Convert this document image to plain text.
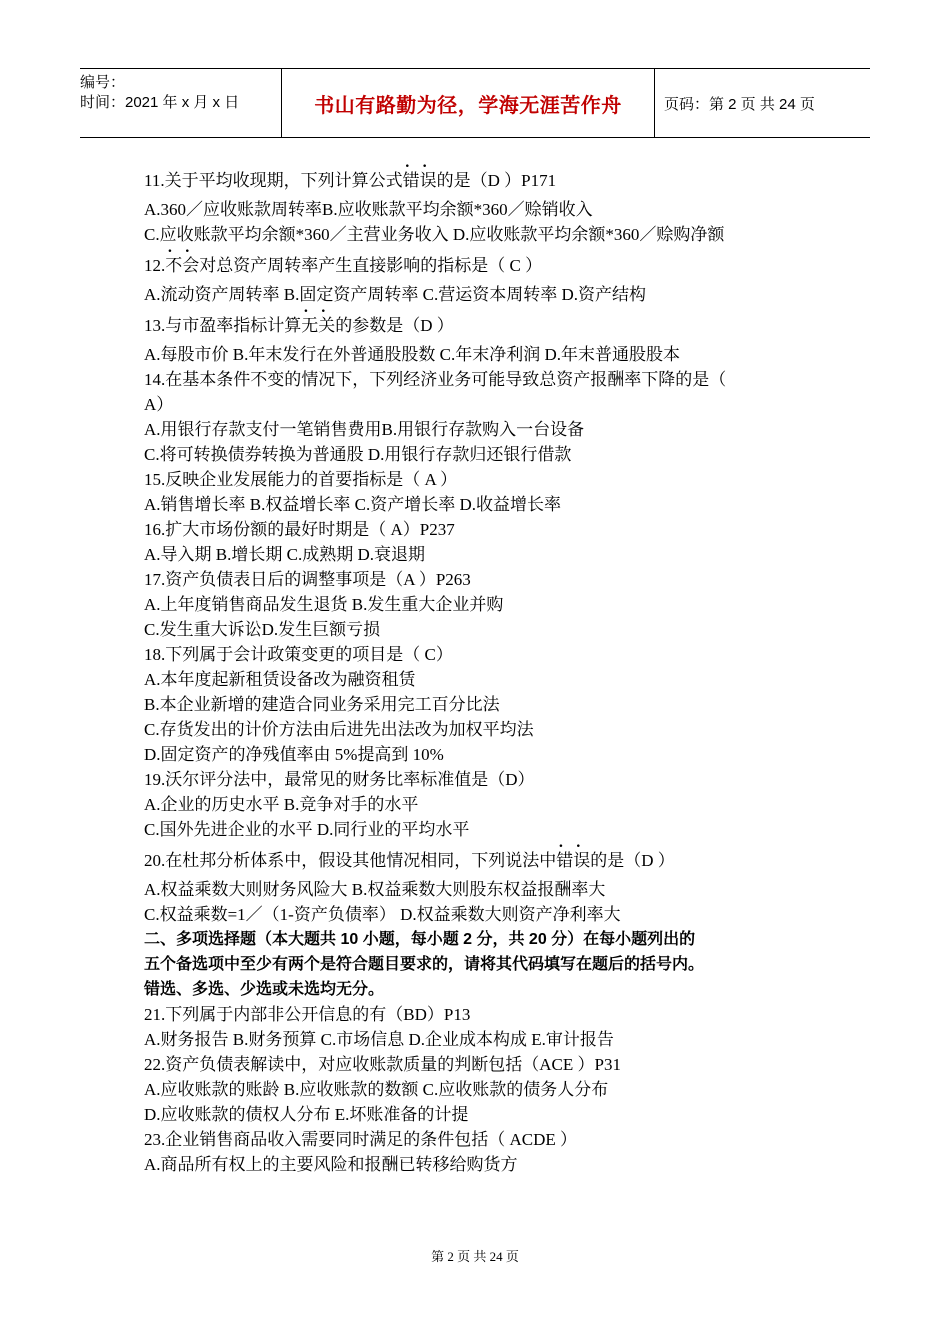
编号：
时间：2021 年 x 月 x 日	书山有路勤为径，学海无涯苦作舟	页码：第 2 页 共 24 页
11.关于平均收现期，下列计算公式· · 错误的是（D ）P171
A.360／应收账款周转率B.应收账款平均余额*360／赊销收入
C.应收账款平均余额*360／主营业务收入 D.应收账款平均余额*360／赊购净额
12.· · 不会对总资产周转率产生直接影响的指标是（ C ）
A.流动资产周转率 B.固定资产周转率 C.营运资本周转率 D.资产结构
13.与市盈率指标计算· · 无关的参数是（D ）
A.每股市价 B.年末发行在外普通股股数 C.年末净利润 D.年末普通股股本
14.在基本条件不变的情况下，下列经济业务可能导致总资产报酬率下降的是（
A）
A.用银行存款支付一笔销售费用B.用银行存款购入一台设备
C.将可转换债券转换为普通股 D.用银行存款归还银行借款
15.反映企业发展能力的首要指标是（ A ）
A.销售增长率 B.权益增长率 C.资产增长率 D.收益增长率
16.扩大市场份额的最好时期是（ A）P237
A.导入期 B.增长期 C.成熟期 D.衰退期
17.资产负债表日后的调整事项是（A ）P263
A.上年度销售商品发生退货 B.发生重大企业并购
C.发生重大诉讼D.发生巨额亏损
18.下列属于会计政策变更的项目是（ C）
A.本年度起新租赁设备改为融资租赁
B.本企业新增的建造合同业务采用完工百分比法
C.存货发出的计价方法由后进先出法改为加权平均法
D.固定资产的净残值率由 5%提高到 10%
19.沃尔评分法中，最常见的财务比率标准值是（D）
A.企业的历史水平 B.竞争对手的水平
C.国外先进企业的水平 D.同行业的平均水平
20.在杜邦分析体系中，假设其他情况相同，下列说法中· · 错误的是（D ）
A.权益乘数大则财务风险大 B.权益乘数大则股东权益报酬率大
C.权益乘数=1／（1-资产负债率） D.权益乘数大则资产净利率大
二、多项选择题（本大题共 10 小题，每小题 2 分，共 20 分）在每小题列出的
五个备选项中至少有两个是符合题目要求的，请将其代码填写在题后的括号内。
错选、多选、少选或未选均无分。
21.下列属于内部非公开信息的有（BD）P13
A.财务报告 B.财务预算 C.市场信息 D.企业成本构成 E.审计报告
22.资产负债表解读中，对应收账款质量的判断包括（ACE ）P31
A.应收账款的账龄 B.应收账款的数额 C.应收账款的债务人分布
D.应收账款的债权人分布 E.坏账准备的计提
23.企业销售商品收入需要同时满足的条件包括（ ACDE ）
A.商品所有权上的主要风险和报酬已转移给购货方
第 2 页 共 24 页
